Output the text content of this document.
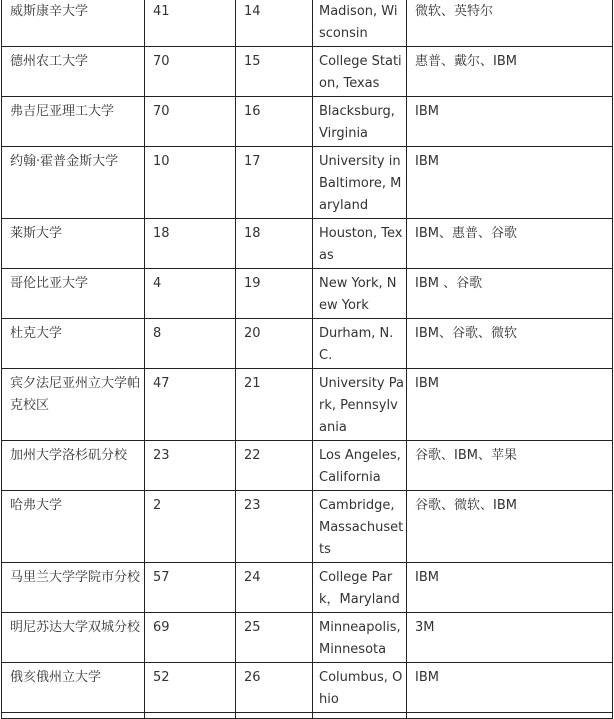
威斯康辛大学	41	14	Madison, Wisconsin	微软、英特尔
德州农工大学	70	15	College Station, Texas	惠普、戴尔、IBM
弗吉尼亚理工大学	70	16	Blacksburg, Virginia	IBM
约翰·霍普金斯大学	10	17	University in Baltimore, Maryland	IBM
莱斯大学	18	18	Houston, Texas	IBM、惠普、谷歌
哥伦比亚大学	4	19	New York, New York	IBM 、谷歌
杜克大学	8	20	Durham, N.C.	IBM、谷歌、微软
宾夕法尼亚州立大学帕克校区	47	21	University Park, Pennsylvania	IBM
加州大学洛杉矶分校	23	22	Los Angeles, California	谷歌、IBM、苹果
哈弗大学	2	23	Cambridge, Massachusetts	谷歌、微软、IBM
马里兰大学学院市分校	57	24	College Park，Maryland	IBM
明尼苏达大学双城分校	69	25	Minneapolis, Minnesota	3M
俄亥俄州立大学	52	26	Columbus, Ohio	IBM
